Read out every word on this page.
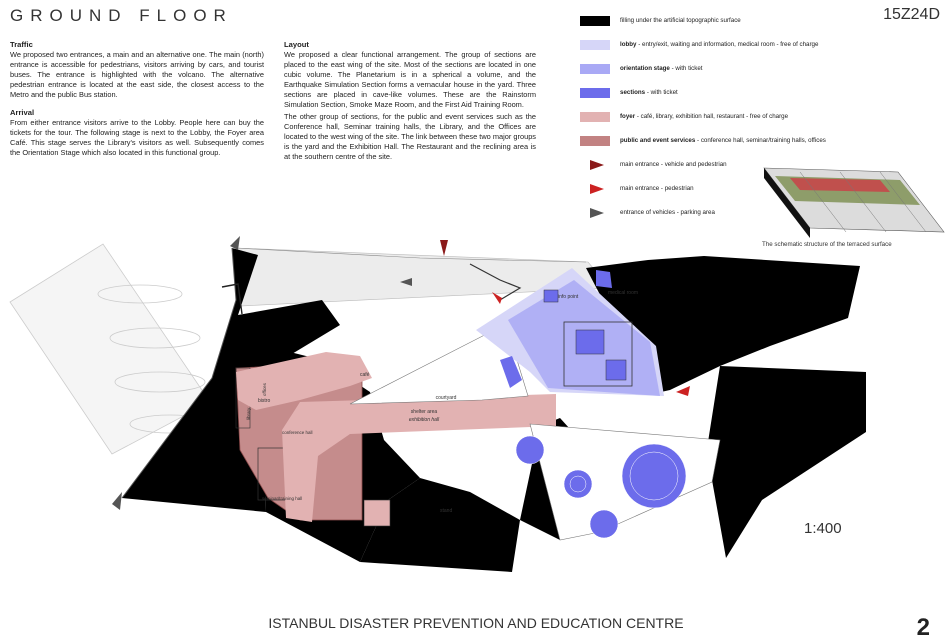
GROUND FLOOR	15Z24D
Traffic

We proposed two entrances, a main and an alternative one. The main (north) entrance is accessible for pedestrians, visitors arriving by cars, and tourist buses. The entrance is highlighted with the volcano. The alternative pedestrian entrance is located at the east side, the closest access to the Metro and the public Bus station.

Arrival

From either entrance visitors arrive to the Lobby. People here can buy the tickets for the tour. The following stage is next to the Lobby, the Foyer area Café. This stage serves the Library's visitors as well. Subsequently comes the Orientation Stage which also located in this functional group.

Layout

We proposed a clear functional arrangement. The group of sections are placed to the east wing of the site. Most of the sections are located in one cubic volume. The Planetarium is in a spherical a volume, and the Earthquake Simulation Section forms a vernacular house in the yard. Three sections are placed in cave-like volumes. These are the Rainstorm Simulation Section, Smoke Maze Room, and the First Aid Training Room.

The other group of sections, for the public and event services such as the Conference hall, Seminar training halls, the Library, and the Offices are located to the west wing of the site. The link between these two major groups is the yard and the Exhibition Hall. The Restaurant and the reclining area is at the southern centre of the site.

filling under the artificial topographic surface
lobby - entry/exit, waiting and information, medical room - free of charge
orientation stage - with ticket
sections - with ticket
foyer - café, library, exhibition hall, restaurant - free of charge
public and event services - conference hall, seminar/training halls, offices
main entrance - vehicle and pedestrian
main entrance - pedestrian
entrance of vehicles - parking area
The schematic structure of the terraced surface
courtyard
shelter area
exhibition hall
café
bistro
info point
medical room
seminar/training hall
library
offices
conference hall
stand
1:400
ISTANBUL DISASTER PREVENTION AND EDUCATION CENTRE	2
